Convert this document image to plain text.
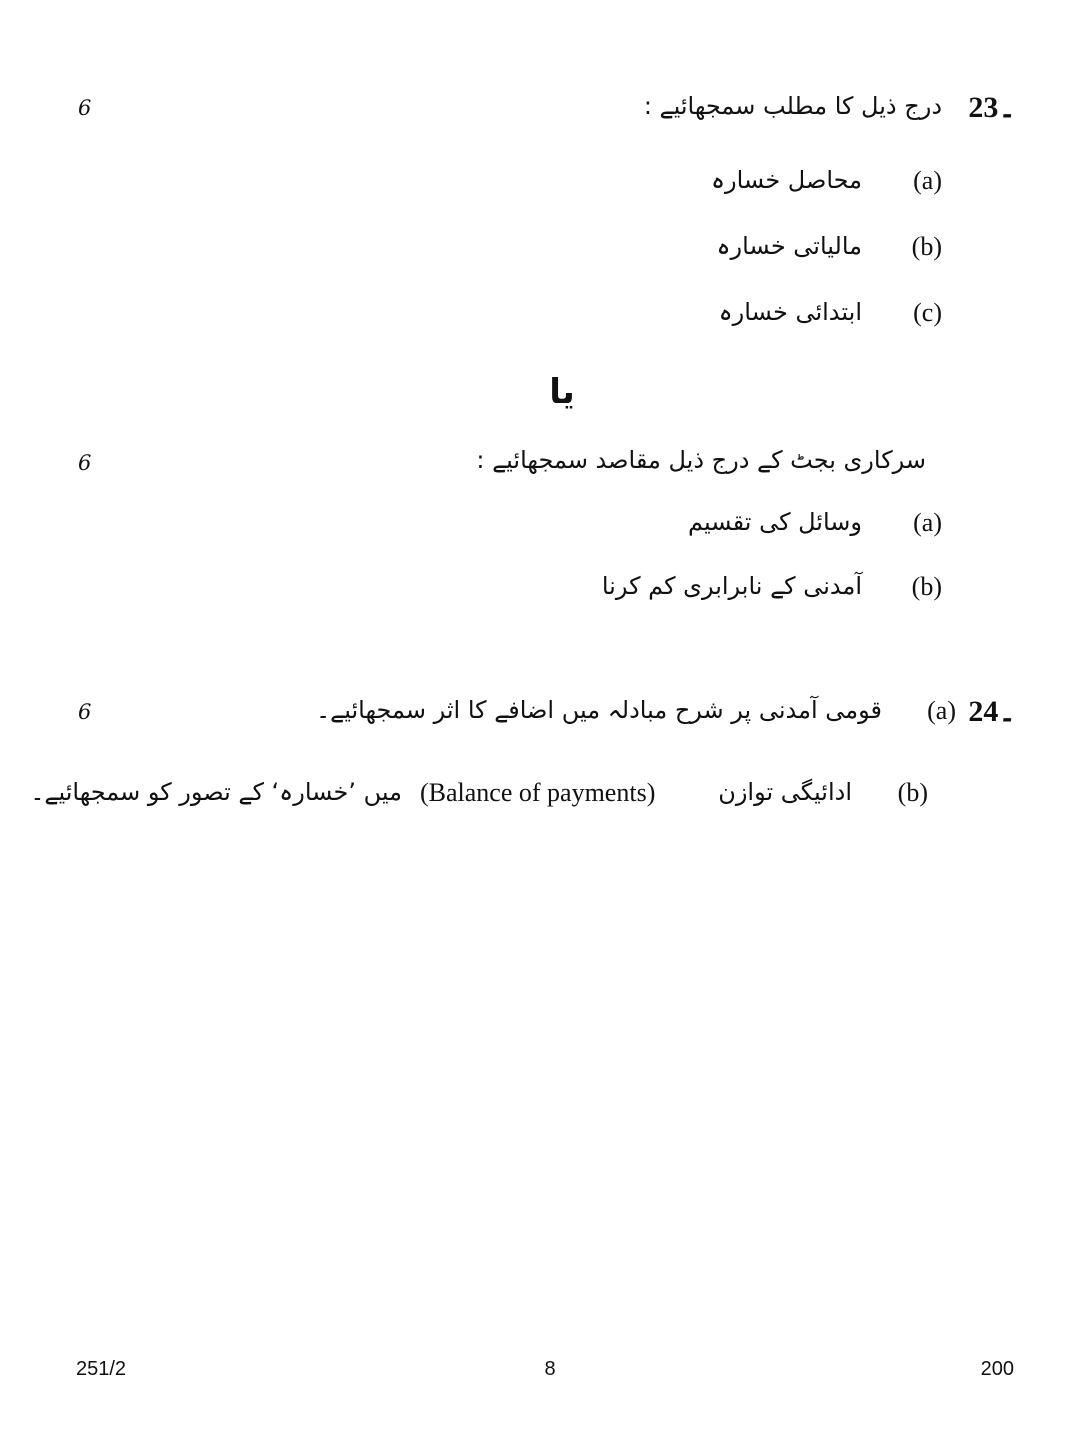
23۔
6	درج ذیل کا مطلب سمجھائیے :
(a)
محاصل خسارہ
(b)
مالیاتی خسارہ
(c)
ابتدائی خسارہ
یا
6	سرکاری بجٹ کے درج ذیل مقاصد سمجھائیے :
(a)
وسائل کی تقسیم
(b)
آمدنی کے نابرابری کم کرنا
24۔
6	(a)
قومی آمدنی پر شرح مبادلہ میں اضافے کا اثر سمجھائیے۔
(b)
ادائیگی توازن
(Balance of payments)
میں ’خسارہ‘ کے تصور کو سمجھائیے۔
251/2	8	200
